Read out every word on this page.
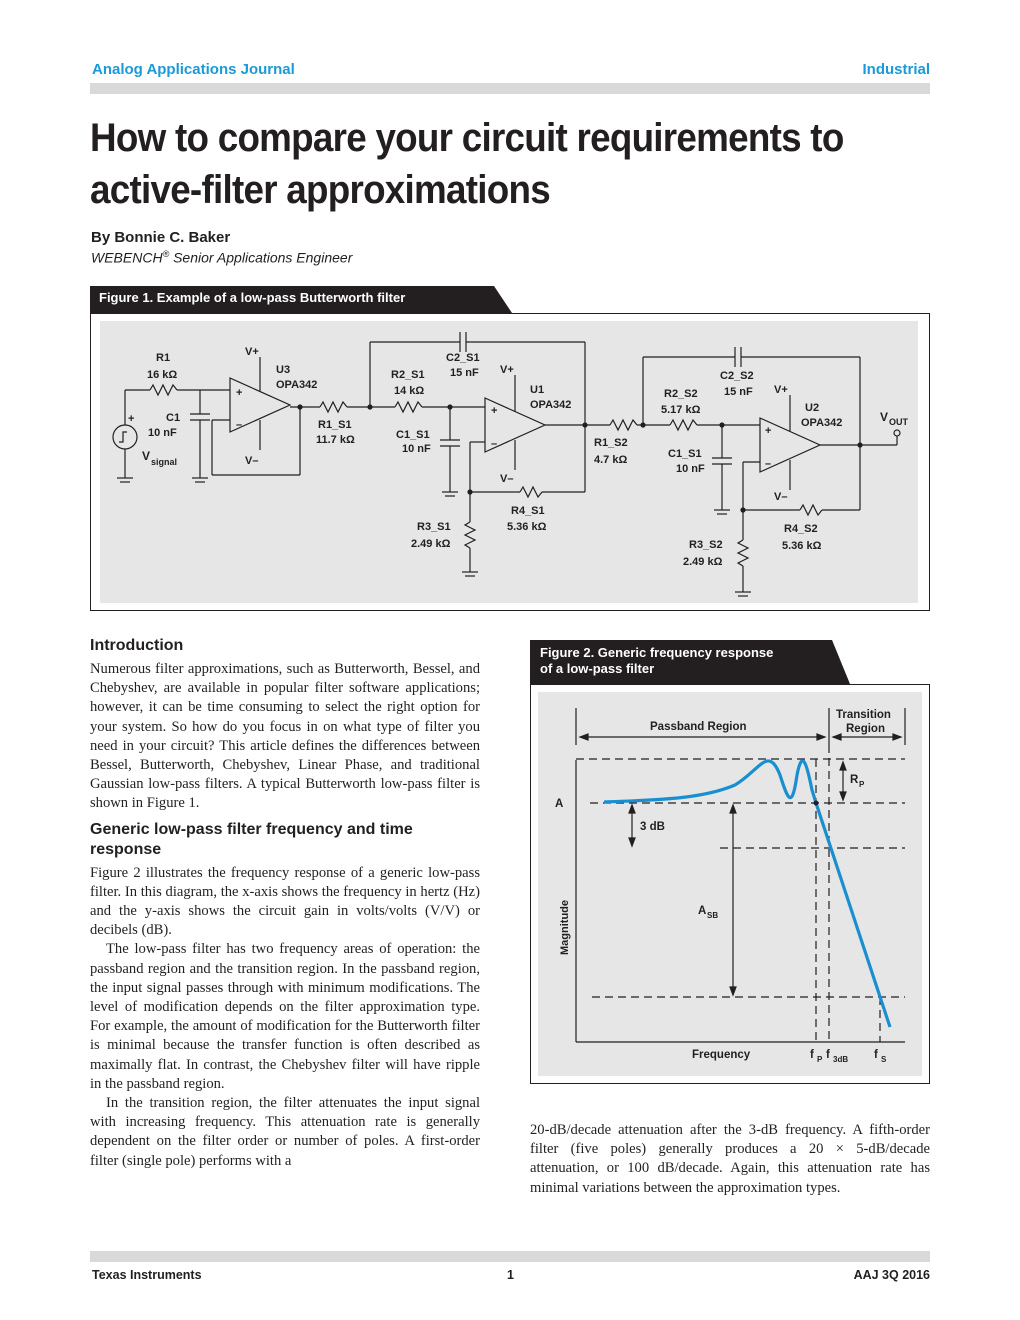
Analog Applications Journal	Industrial
How to compare your circuit requirements to
active-filter approximations
By Bonnie C. Baker
WEBENCH® Senior Applications Engineer
Figure 1. Example of a low-pass Butterworth filter
R1
16 kΩ
C1
10 nF
+
V signal
V+
V–
U3
OPA342
+
–	R1_S1
11.7 kΩ
R2_S1
14 kΩ
C2_S1
15 nF
C1_S1
10 nF
V+
V–
U1
OPA342
+
–
R4_S1
5.36 kΩ
R3_S1
2.49 kΩ
R1_S2
4.7 kΩ
R2_S2
5.17 kΩ
C2_S2
15 nF
C1_S1
10 nF
V+
V–
U2
OPA342
+
–
R4_S2
5.36 kΩ
R3_S2
2.49 kΩ
V OUT
Introduction

Numerous filter approximations, such as Butterworth, Bessel, and Chebyshev, are available in popular filter software applications; however, it can be time consuming to select the right option for your system. So how do you focus in on what type of filter you need in your circuit? This article defines the differences between Bessel, Butterworth, Chebyshev, Linear Phase, and traditional Gaussian low-pass filters. A typical Butterworth low-pass filter is shown in Figure 1.

Generic low-pass filter frequency and time response

Figure 2 illustrates the frequency response of a generic low-pass filter. In this diagram, the x-axis shows the frequency in hertz (Hz) and the y-axis shows the circuit gain in volts/volts (V/V) or decibels (dB).

The low-pass filter has two frequency areas of operation: the passband region and the transition region. In the passband region, the input signal passes through with minimum modifications. The level of modification depends on the filter approximation type. For example, the amount of modification for the Butterworth filter is minimal because the transfer function is often described as maximally flat. In contrast, the Chebyshev filter will have ripple in the passband region.

In the transition region, the filter attenuates the input signal with increasing frequency. This attenuation rate is generally dependent on the filter order or number of poles. A first-order filter (single pole) performs with a

Figure 2. Generic frequency response
of a low-pass filter
Transition
Region
Passband Region
R P
A
3 dB
A SB
Magnitude
Frequency	f P f 3dB f S

20-dB/decade attenuation after the 3-dB frequency. A fifth-order filter (five poles) generally produces a 20 × 5-dB/decade attenuation, or 100 dB/decade. Again, this attenuation rate has minimal variations between the approximation types.

Texas Instruments	1	AAJ 3Q 2016
